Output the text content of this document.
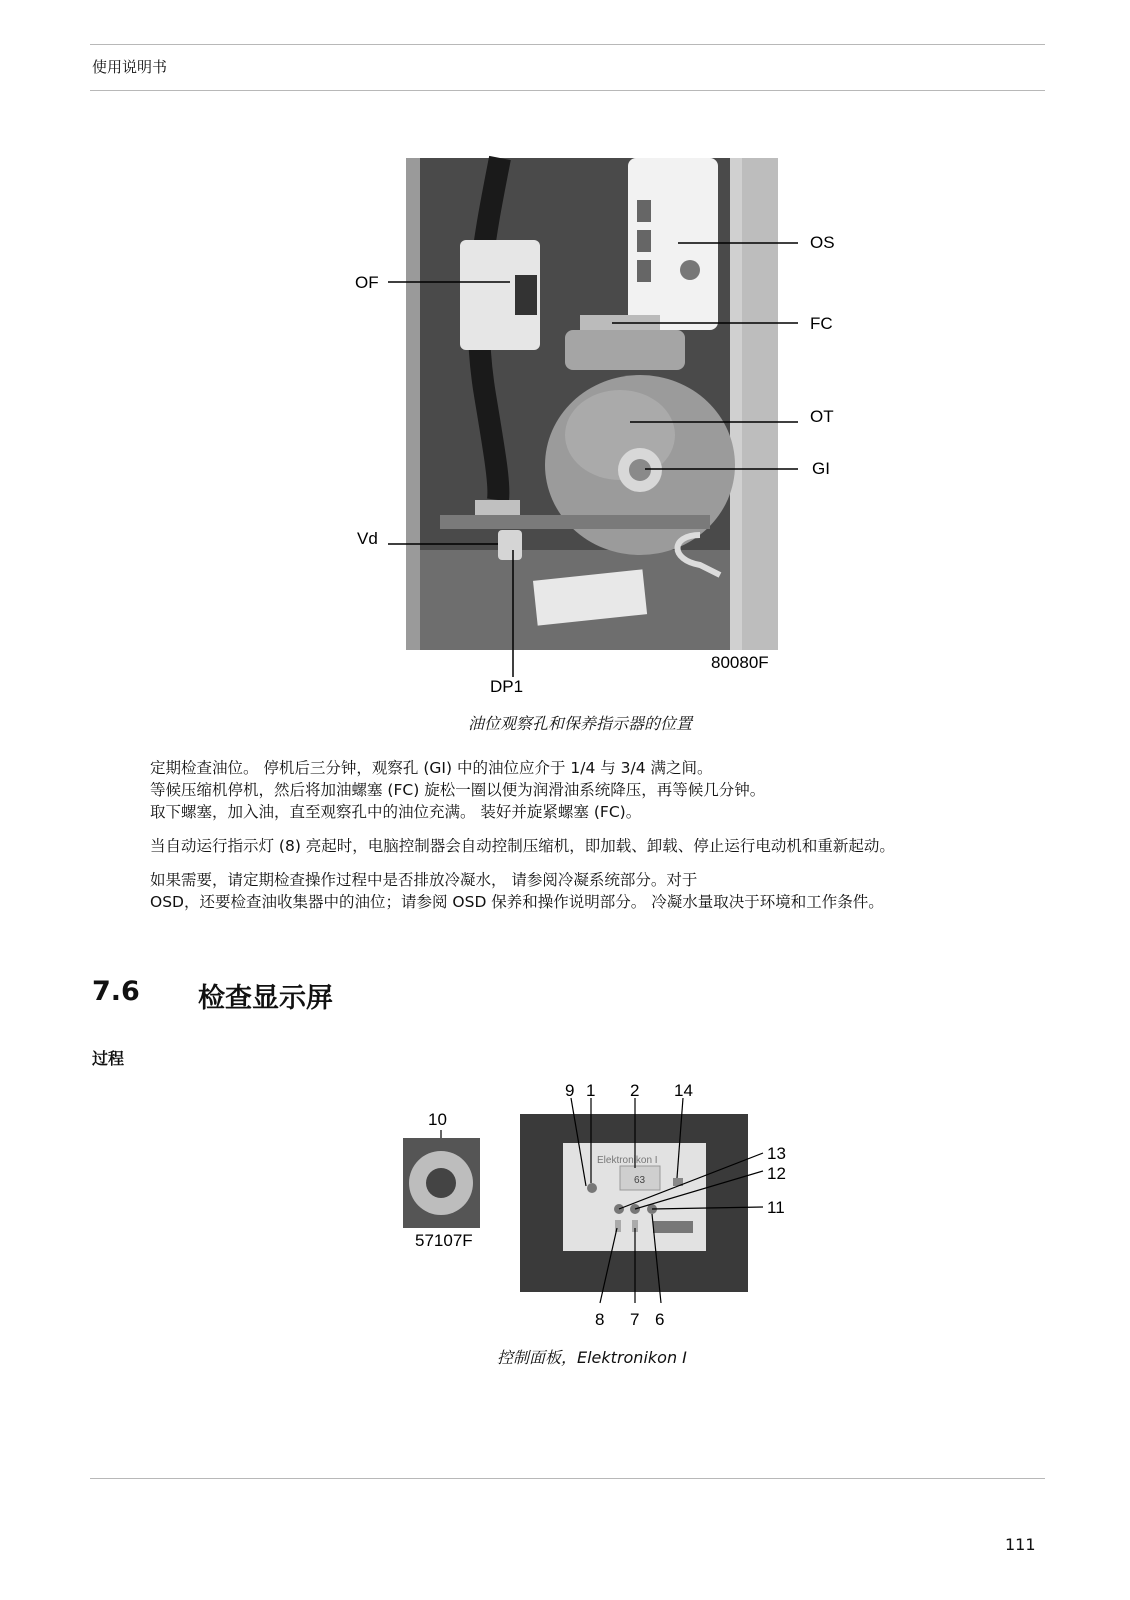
使用说明书
OS
OF
FC
OT
GI
Vd
DP1
80080F
油位观察孔和保养指示器的位置
定期检查油位。 停机后三分钟，观察孔 (GI) 中的油位应介于 1/4 与 3/4 满之间。
等候压缩机停机，然后将加油螺塞 (FC) 旋松一圈以便为润滑油系统降压，再等候几分钟。
取下螺塞，加入油，直至观察孔中的油位充满。 装好并旋紧螺塞 (FC)。
当自动运行指示灯 (8) 亮起时，电脑控制器会自动控制压缩机，即加载、卸载、停止运行电动机和重新起动。
如果需要，请定期检查操作过程中是否排放冷凝水， 请参阅冷凝系统部分。对于
OSD，还要检查油收集器中的油位；请参阅 OSD 保养和操作说明部分。 冷凝水量取决于环境和工作条件。
7.6 检查显示屏
过程
10
57107F
Elektronikon I
63
9 1 2 14
13
12
11
8 7 6
控制面板，Elektronikon I
111
